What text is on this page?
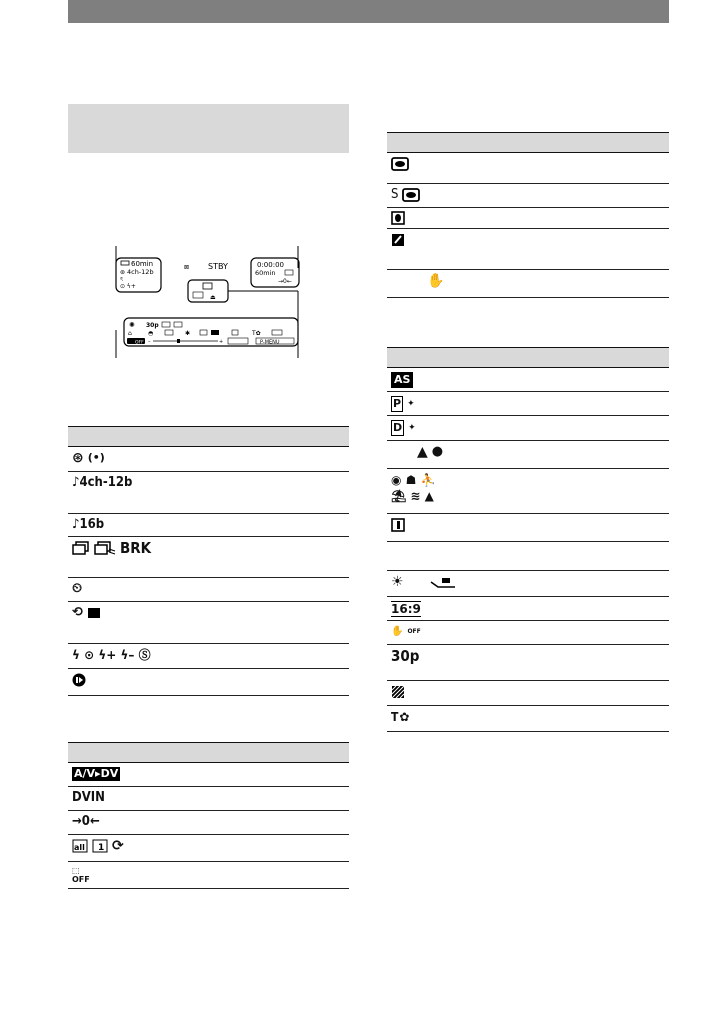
60min
⊛ 4ch-12b
ৎ
⊙ ϟ+
⊠ STBY	0:00:00
60min
→0←
⏏
✺ 30p
⌂	◓	✱	T✿
OFF –	+	P-MENU
⊛ (•)
♪4ch-12b
♪16b
BRK
⏲
⟲
ϟ ⊙ ϟ+ ϟ– Ⓢ
A/V▸DV
DVIN
→0←
all 1 ⟳
⬚
OFF
S
✋
AS
P ✦
D ✦
▲ ●
◉ ☗ ⛹
⛱ ≋ ▲
☀
16:9
✋ OFF
30p
T ✿
